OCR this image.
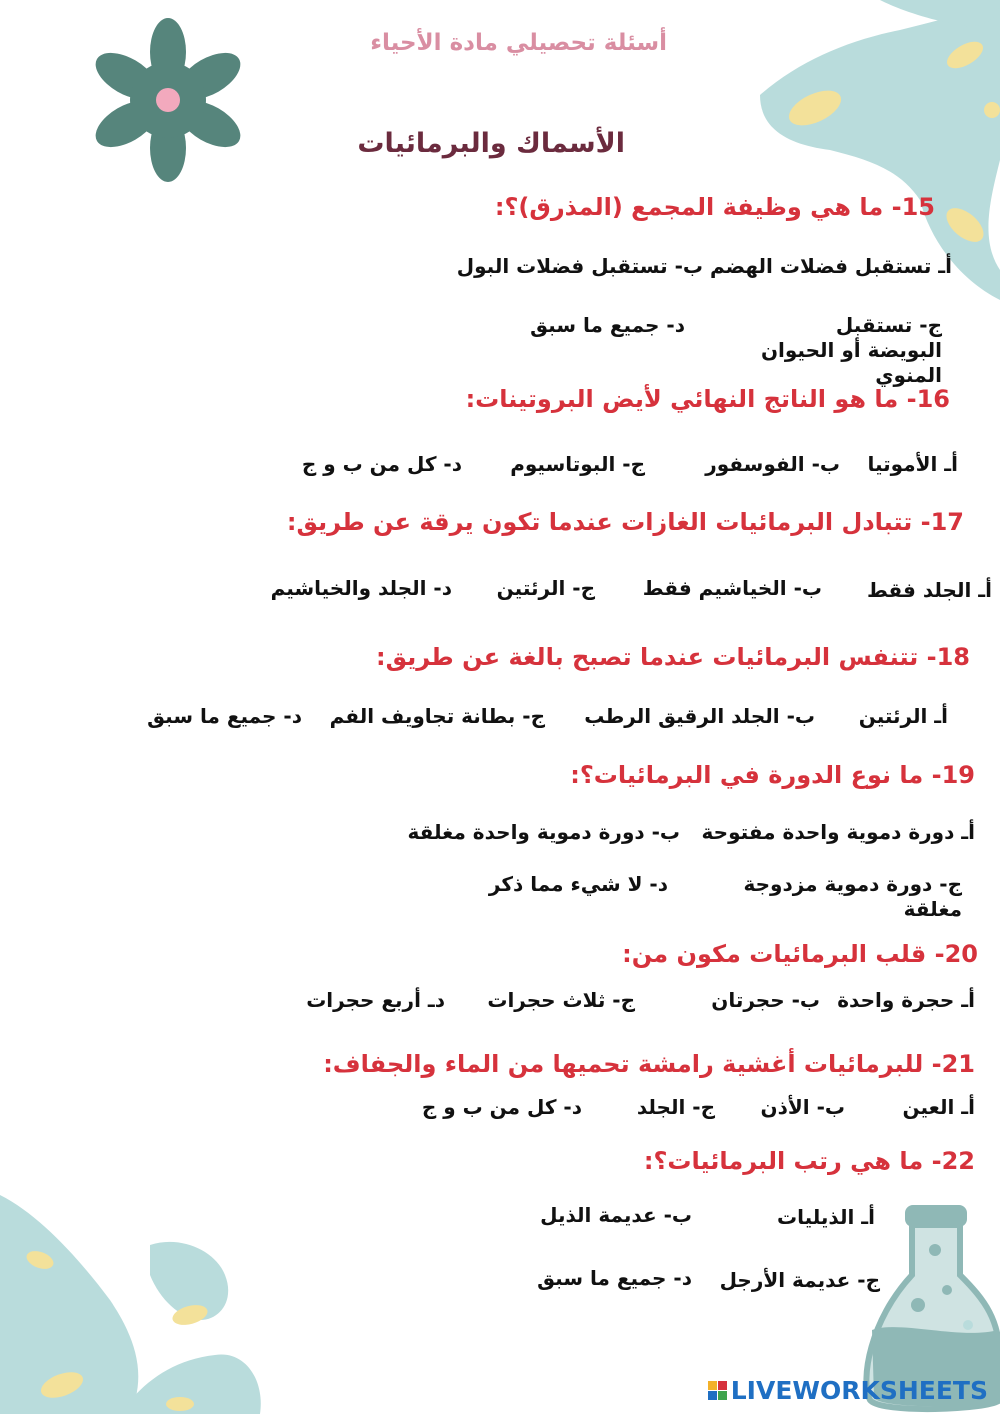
أسئلة تحصيلي مادة الأحياء
الأسماك والبرمائيات
15- ما هي وظيفة المجمع (المذرق)؟:
أـ تستقبل فضلات الهضم
ب- تستقبل فضلات البول
ج- تستقبل البويضة أو الحيوان المنوي
د- جميع ما سبق
16- ما هو الناتج النهائي لأيض البروتينات:
أـ الأموتيا
ب- الفوسفور
ج- البوتاسيوم
د- كل من ب و ج
17- تتبادل البرمائيات الغازات عندما تكون يرقة عن طريق:
أـ الجلد فقط
ب- الخياشيم فقط
ج- الرئتين
د- الجلد والخياشيم
18- تتنفس البرمائيات عندما تصبح بالغة عن طريق:
أـ الرئتين
ب- الجلد الرقيق الرطب
ج- بطانة تجاويف الفم
د- جميع ما سبق
19- ما نوع الدورة في البرمائيات؟:
أـ دورة دموية واحدة مفتوحة
ب- دورة دموية واحدة مغلقة
ج- دورة دموية مزدوجة مغلقة
د- لا شيء مما ذكر
20- قلب البرمائيات مكون من:
أـ حجرة واحدة
ب- حجرتان
ج- ثلاث حجرات
دـ أربع حجرات
21- للبرمائيات أغشية رامشة تحميها من الماء والجفاف:
أـ العين
ب- الأذن
ج- الجلد
د- كل من ب و ج
22- ما هي رتب البرمائيات؟:
أـ الذيليات
ب- عديمة الذيل
ج- عديمة الأرجل
د- جميع ما سبق
LIVEWORKSHEETS
